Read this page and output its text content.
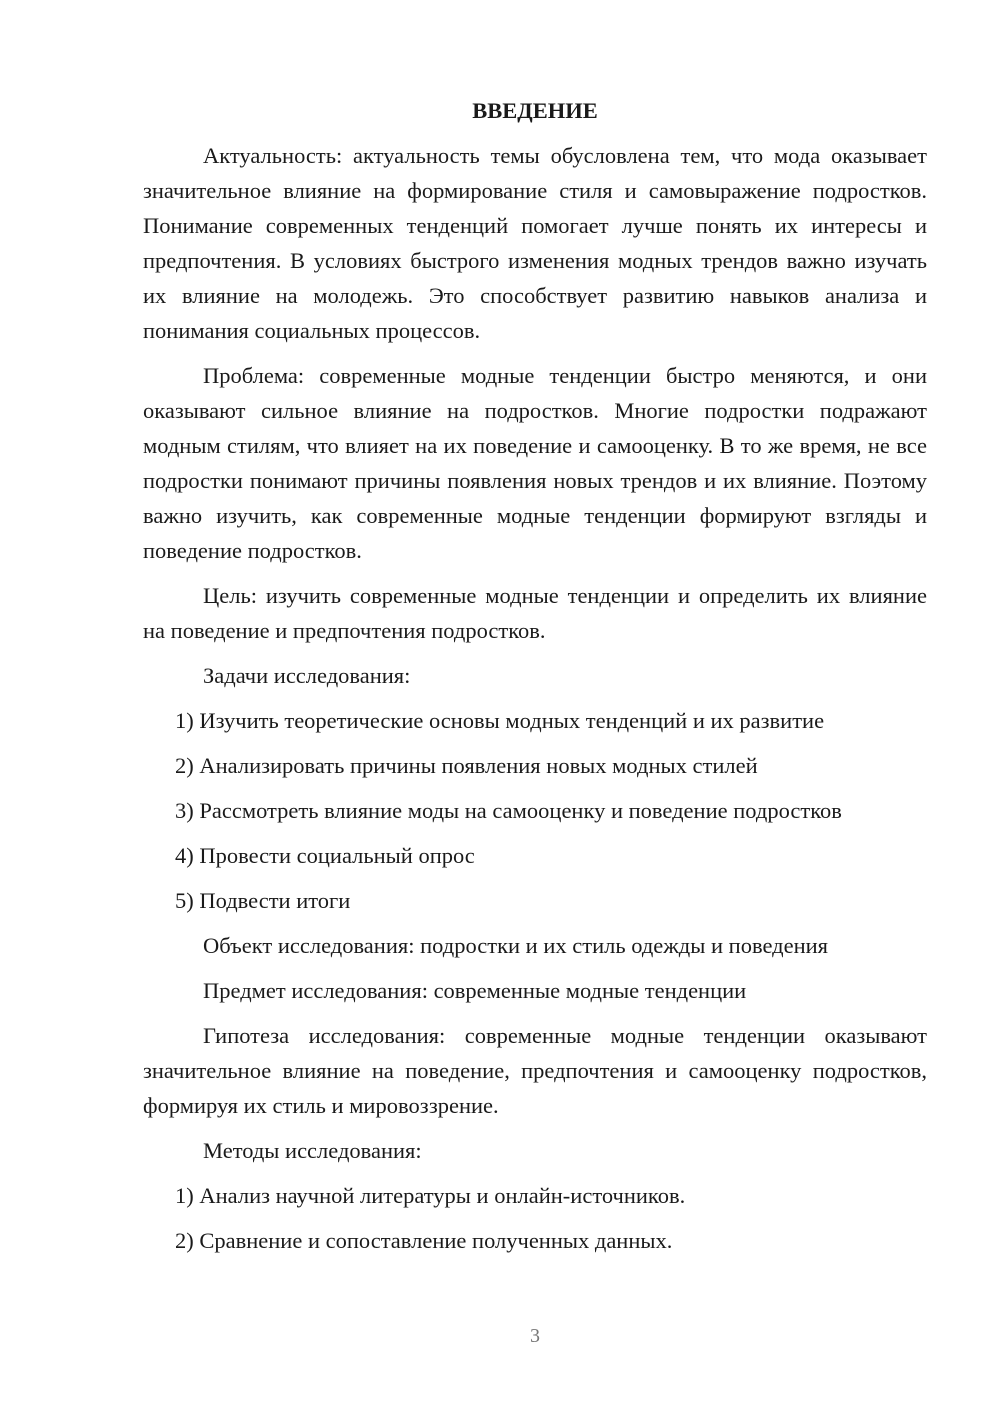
ВВЕДЕНИЕ

Актуальность: актуальность темы обусловлена тем, что мода оказывает значительное влияние на формирование стиля и самовыражение подростков. Понимание современных тенденций помогает лучше понять их интересы и предпочтения. В условиях быстрого изменения модных трендов важно изучать их влияние на молодежь. Это способствует развитию навыков анализа и понимания социальных процессов.

Проблема: современные модные тенденции быстро меняются, и они оказывают сильное влияние на подростков. Многие подростки подражают модным стилям, что влияет на их поведение и самооценку. В то же время, не все подростки понимают причины появления новых трендов и их влияние. Поэтому важно изучить, как современные модные тенденции формируют взгляды и поведение подростков.

Цель: изучить современные модные тенденции и определить их влияние на поведение и предпочтения подростков.

Задачи исследования:

1) Изучить теоретические основы модных тенденций и их развитие

2) Анализировать причины появления новых модных стилей

3) Рассмотреть влияние моды на самооценку и поведение подростков

4) Провести социальный опрос

5) Подвести итоги

Объект исследования: подростки и их стиль одежды и поведения

Предмет исследования: современные модные тенденции

Гипотеза исследования: современные модные тенденции оказывают значительное влияние на поведение, предпочтения и самооценку подростков, формируя их стиль и мировоззрение.

Методы исследования:

1) Анализ научной литературы и онлайн-источников.

2) Сравнение и сопоставление полученных данных.

3
